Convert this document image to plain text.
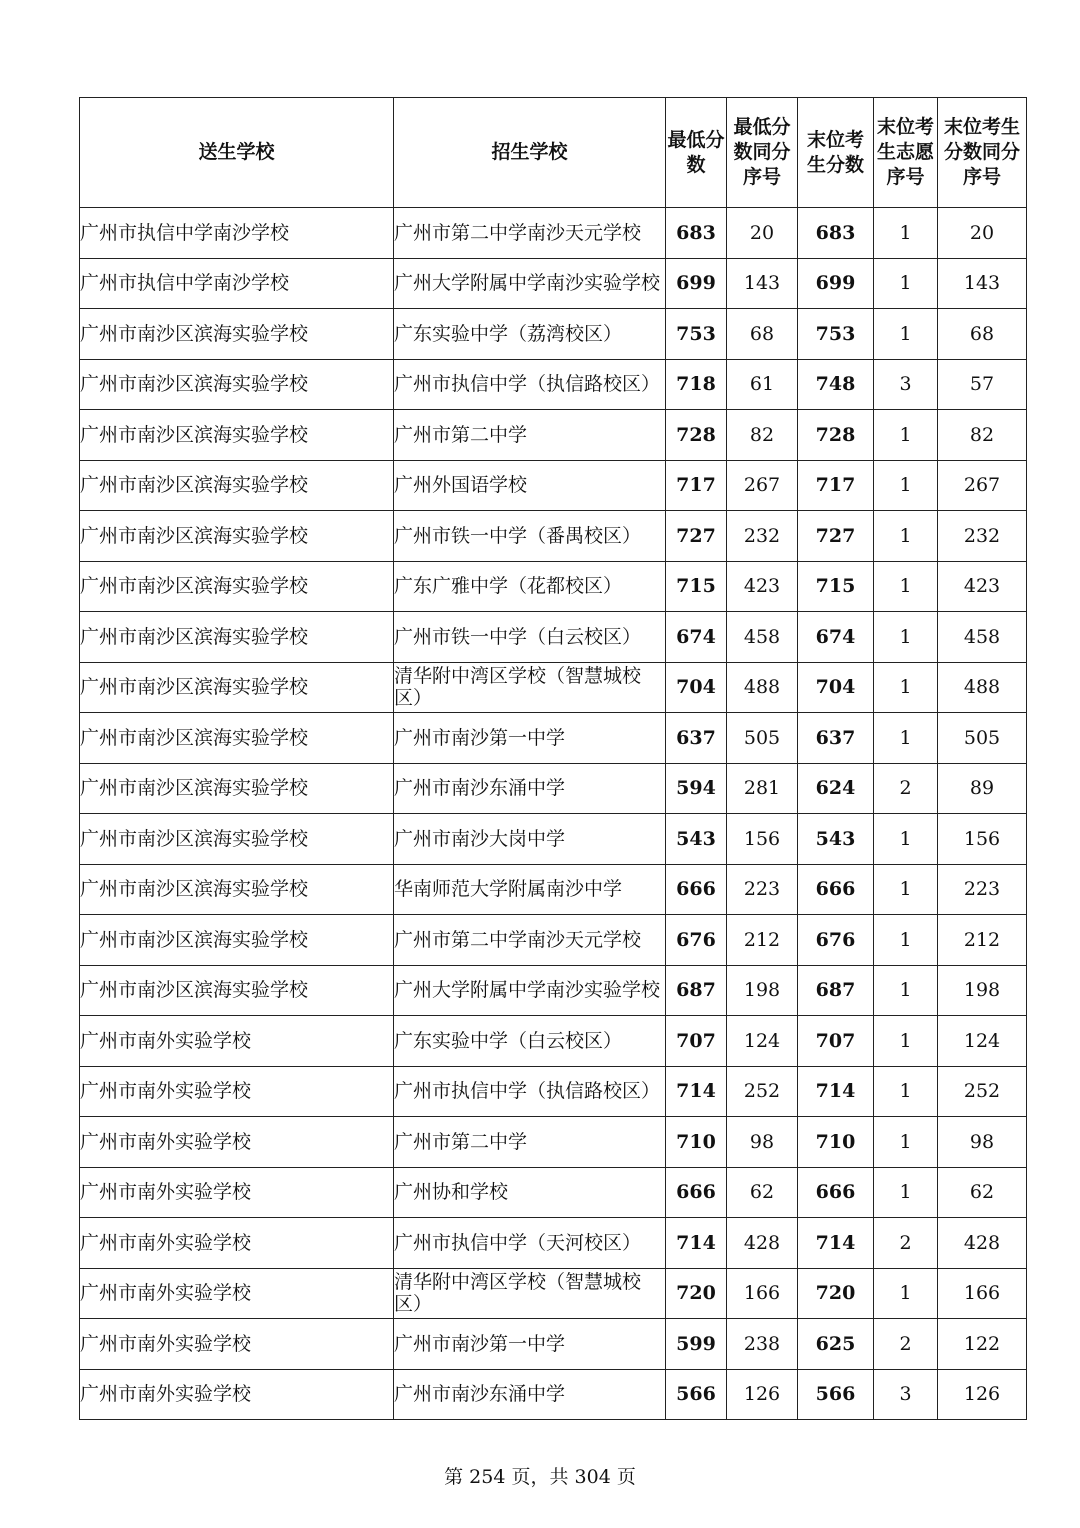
送生学校	招生学校	最低分数	最低分数同分序号	末位考生分数	末位考生志愿序号	末位考生分数同分序号
广州市执信中学南沙学校	广州市第二中学南沙天元学校	683	20	683	1	20
广州市执信中学南沙学校	广州大学附属中学南沙实验学校	699	143	699	1	143
广州市南沙区滨海实验学校	广东实验中学（荔湾校区）	753	68	753	1	68
广州市南沙区滨海实验学校	广州市执信中学（执信路校区）	718	61	748	3	57
广州市南沙区滨海实验学校	广州市第二中学	728	82	728	1	82
广州市南沙区滨海实验学校	广州外国语学校	717	267	717	1	267
广州市南沙区滨海实验学校	广州市铁一中学（番禺校区）	727	232	727	1	232
广州市南沙区滨海实验学校	广东广雅中学（花都校区）	715	423	715	1	423
广州市南沙区滨海实验学校	广州市铁一中学（白云校区）	674	458	674	1	458
广州市南沙区滨海实验学校	清华附中湾区学校（智慧城校区）	704	488	704	1	488
广州市南沙区滨海实验学校	广州市南沙第一中学	637	505	637	1	505
广州市南沙区滨海实验学校	广州市南沙东涌中学	594	281	624	2	89
广州市南沙区滨海实验学校	广州市南沙大岗中学	543	156	543	1	156
广州市南沙区滨海实验学校	华南师范大学附属南沙中学	666	223	666	1	223
广州市南沙区滨海实验学校	广州市第二中学南沙天元学校	676	212	676	1	212
广州市南沙区滨海实验学校	广州大学附属中学南沙实验学校	687	198	687	1	198
广州市南外实验学校	广东实验中学（白云校区）	707	124	707	1	124
广州市南外实验学校	广州市执信中学（执信路校区）	714	252	714	1	252
广州市南外实验学校	广州市第二中学	710	98	710	1	98
广州市南外实验学校	广州协和学校	666	62	666	1	62
广州市南外实验学校	广州市执信中学（天河校区）	714	428	714	2	428
广州市南外实验学校	清华附中湾区学校（智慧城校区）	720	166	720	1	166
广州市南外实验学校	广州市南沙第一中学	599	238	625	2	122
广州市南外实验学校	广州市南沙东涌中学	566	126	566	3	126
第 254 页，共 304 页
